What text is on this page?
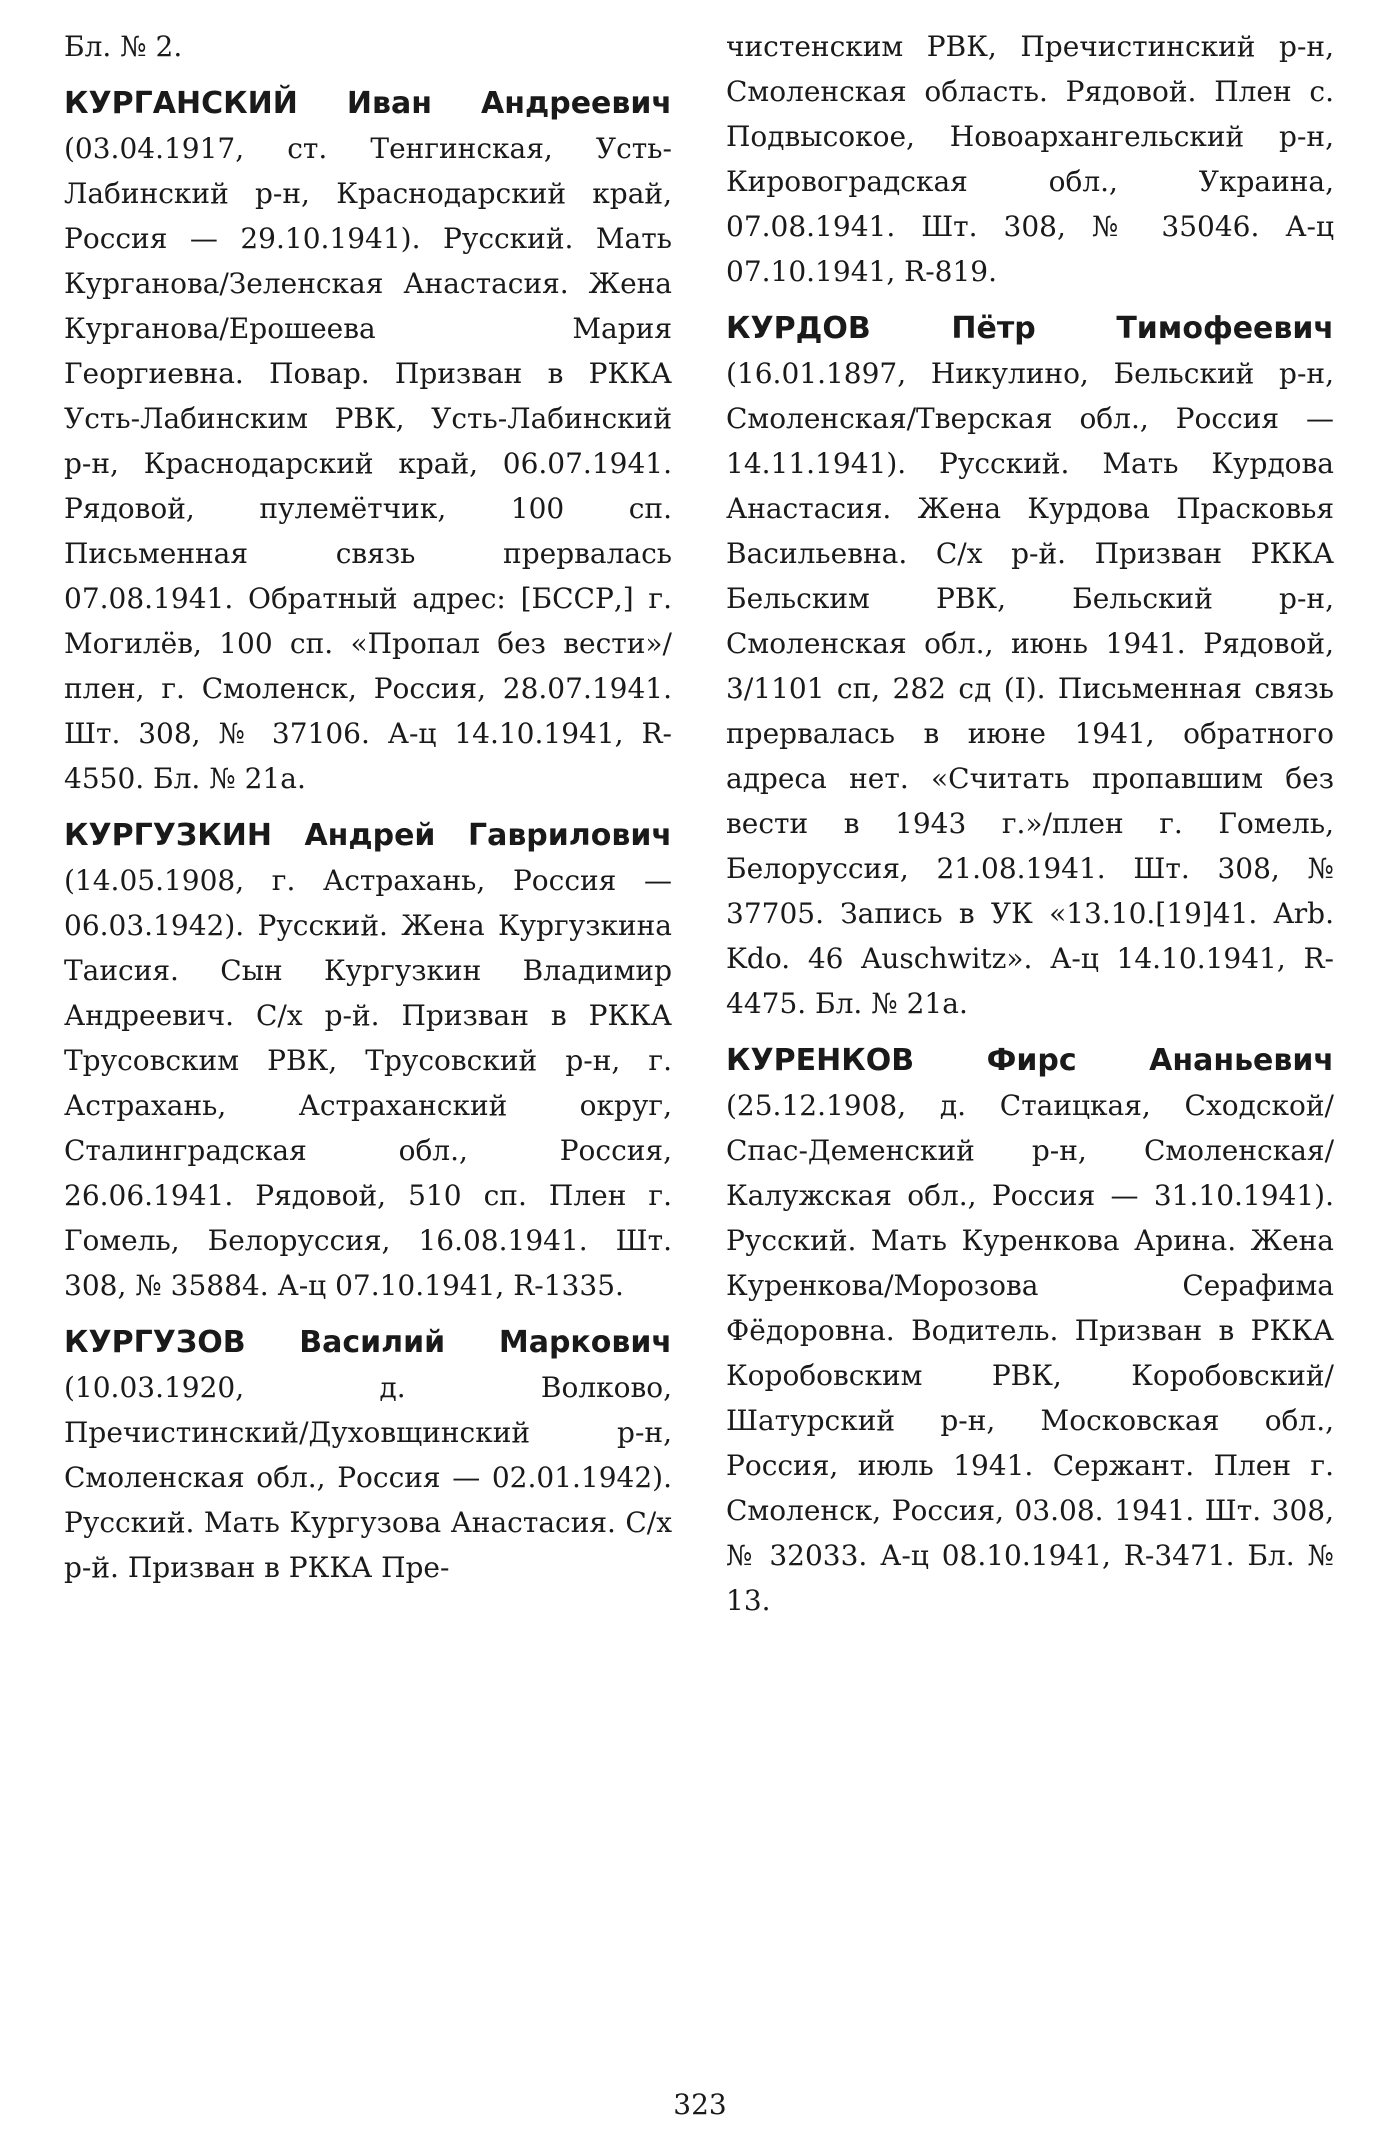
Бл. № 2.

КУРГАНСКИЙ Иван Андреевич (03.04.1917, ст. Тенгинская, Усть-Лабинский р-н, Краснодарский край, Россия — 29.10.1941). Русский. Мать Курганова/Зеленская Анастасия. Жена Курганова/Ерошеева Мария Георгиевна. Повар. Призван в РККА Усть-Лабинским РВК, Усть-Лабинский р-н, Краснодарский край, 06.07.1941. Рядовой, пулемётчик, 100 сп. Письменная связь прервалась 07.08.1941. Обратный адрес: [БССР,] г. Могилёв, 100 сп. «Пропал без вести»/плен, г. Смоленск, Россия, 28.07.1941. Шт. 308, № 37106. А-ц 14.10.1941, R-4550. Бл. № 21а.

КУРГУЗКИН Андрей Гаврилович (14.05.1908, г. Астрахань, Россия — 06.03.1942). Русский. Жена Кургузкина Таисия. Сын Кургузкин Владимир Андреевич. С/х р-й. Призван в РККА Трусовским РВК, Трусовский р-н, г. Астрахань, Астраханский округ, Сталинградская обл., Россия, 26.06.1941. Рядовой, 510 сп. Плен г. Гомель, Белоруссия, 16.08.1941. Шт. 308, № 35884. А-ц 07.10.1941, R-1335.

КУРГУЗОВ Василий Маркович (10.03.1920, д. Волково, Пречистинский/Духовщинский р-н, Смоленская обл., Россия — 02.01.1942). Русский. Мать Кургузова Анастасия. С/х р-й. Призван в РККА Пре-

чистенским РВК, Пречистинский р-н, Смоленская область. Рядовой. Плен с. Подвысокое, Новоархангельский р-н, Кировоградская обл., Украина, 07.08.1941. Шт. 308, № 35046. А-ц 07.10.1941, R-819.

КУРДОВ Пётр Тимофеевич (16.01.1897, Никулино, Бельский р-н, Смоленская/Тверская обл., Россия — 14.11.1941). Русский. Мать Курдова Анастасия. Жена Курдова Прасковья Васильевна. С/х р-й. Призван РККА Бельским РВК, Бельский р-н, Смоленская обл., июнь 1941. Рядовой, 3/1101 сп, 282 сд (I). Письменная связь прервалась в июне 1941, обратного адреса нет. «Считать пропавшим без вести в 1943 г.»/плен г. Гомель, Белоруссия, 21.08.1941. Шт. 308, № 37705. Запись в УК «13.10.[19]41. Arb. Kdo. 46 Auschwitz». А-ц 14.10.1941, R-4475. Бл. № 21а.

КУРЕНКОВ Фирс Ананьевич (25.12.1908, д. Стаицкая, Сходской/Спас-Деменский р-н, Смоленская/Калужская обл., Россия — 31.10.1941). Русский. Мать Куренкова Арина. Жена Куренкова/Морозова Серафима Фёдоровна. Водитель. Призван в РККА Коробовским РВК, Коробовский/Шатурский р-н, Московская обл., Россия, июль 1941. Сержант. Плен г. Смоленск, Россия, 03.08. 1941. Шт. 308, № 32033. А-ц 08.10.1941, R-3471. Бл. № 13.

323
